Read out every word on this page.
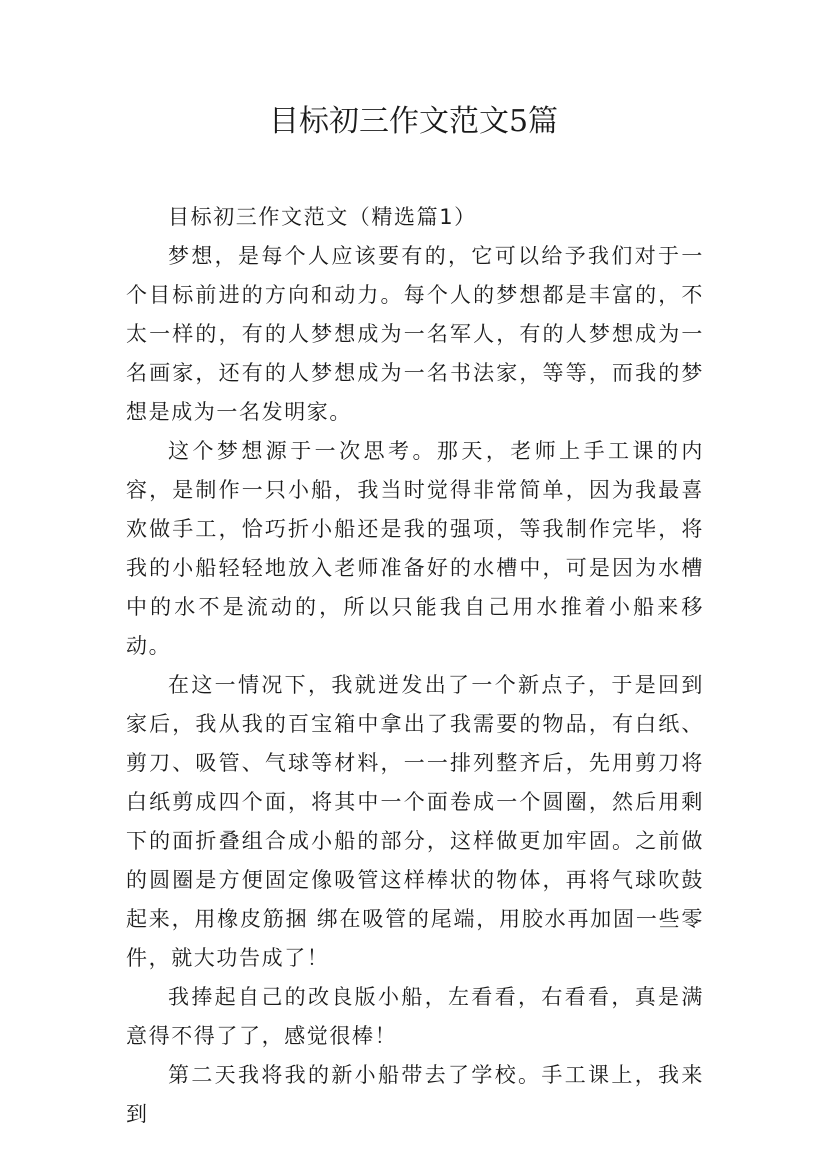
目标初三作文范文5篇

目标初三作文范文（精选篇1）

梦想，是每个人应该要有的，它可以给予我们对于一个目标前进的方向和动力。每个人的梦想都是丰富的，不太一样的，有的人梦想成为一名军人，有的人梦想成为一名画家，还有的人梦想成为一名书法家，等等，而我的梦想是成为一名发明家。

这个梦想源于一次思考。那天，老师上手工课的内容，是制作一只小船，我当时觉得非常简单，因为我最喜欢做手工，恰巧折小船还是我的强项，等我制作完毕，将我的小船轻轻地放入老师准备好的水槽中，可是因为水槽中的水不是流动的，所以只能我自己用水推着小船来移动。

在这一情况下，我就迸发出了一个新点子，于是回到家后，我从我的百宝箱中拿出了我需要的物品，有白纸、剪刀、吸管、气球等材料，一一排列整齐后，先用剪刀将白纸剪成四个面，将其中一个面卷成一个圆圈，然后用剩下的面折叠组合成小船的部分，这样做更加牢固。之前做的圆圈是方便固定像吸管这样棒状的物体，再将气球吹鼓起来，用橡皮筋捆 绑在吸管的尾端，用胶水再加固一些零件，就大功告成了！

我捧起自己的改良版小船，左看看，右看看，真是满意得不得了了，感觉很棒！

第二天我将我的新小船带去了学校。手工课上，我来到
